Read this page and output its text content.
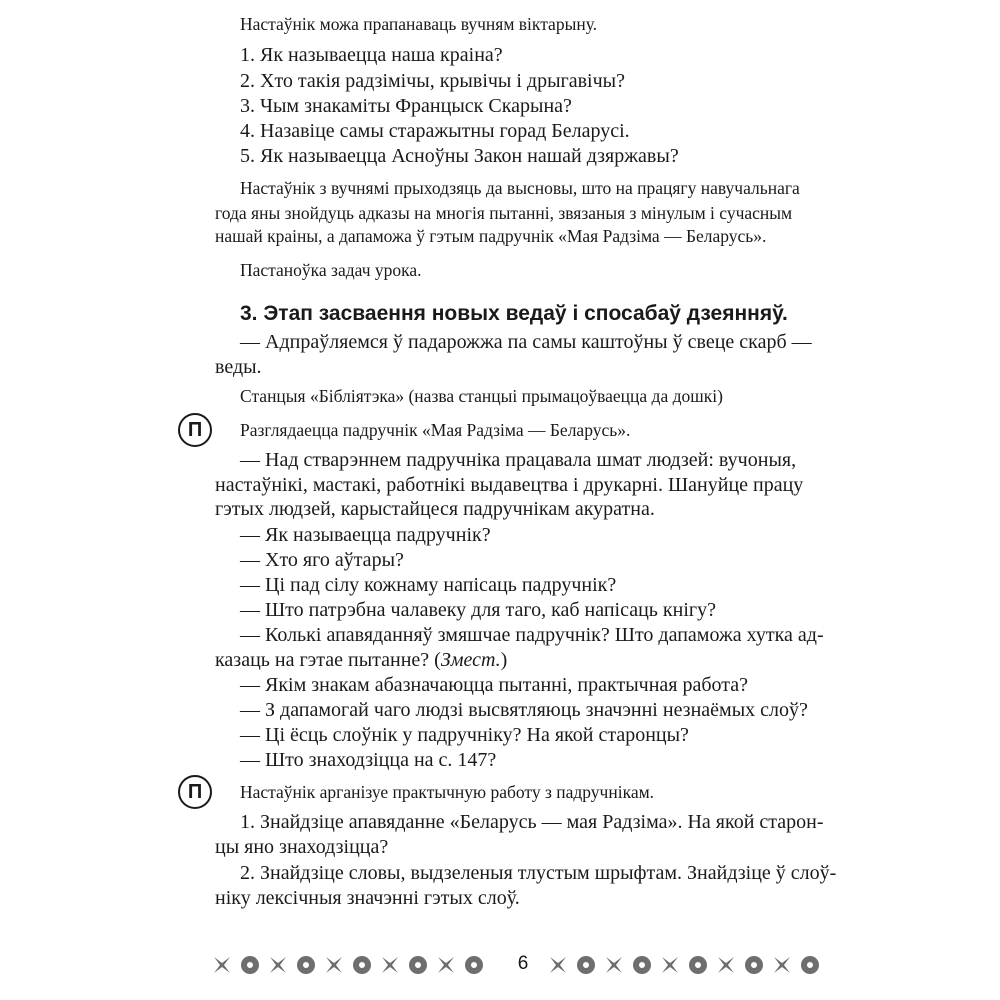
Настаўнік можа прапанаваць вучням віктарыну.
1. Як называецца наша краіна?
2. Хто такія радзімічы, крывічы і дрыгавічы?
3. Чым знакаміты Францыск Скарына?
4. Назавіце самы старажытны горад Беларусі.
5. Як называецца Асноўны Закон нашай дзяржавы?
Настаўнік з вучнямі прыходзяць да высновы, што на працягу навучальнага
года яны знойдуць адказы на многія пытанні, звязаныя з мінулым і сучасным
нашай краіны, а дапаможа ў гэтым падручнік «Мая Радзіма — Беларусь».
Пастаноўка задач урока.
3. Этап засваення новых ведаў і спосабаў дзеянняў.
— Адпраўляемся ў падарожжа па самы каштоўны ў свеце скарб —
веды.
Станцыя «Бібліятэка» (назва станцыі прымацоўваецца да дошкі)
П	Разглядаецца падручнік «Мая Радзіма — Беларусь».
— Над стварэннем падручніка працавала шмат людзей: вучоныя,
настаўнікі, мастакі, работнікі выдавецтва і друкарні. Шануйце працу
гэтых людзей, карыстайцеся падручнікам акуратна.
— Як называецца падручнік?
— Хто яго аўтары?
— Ці пад сілу кожнаму напісаць падручнік?
— Што патрэбна чалавеку для таго, каб напісаць кнігу?
— Колькі апавяданняў змяшчае падручнік? Што дапаможа хутка ад-
казаць на гэтае пытанне? (Змест.)
— Якім знакам абазначаюцца пытанні, практычная работа?
— З дапамогай чаго людзі высвятляюць значэнні незнаёмых слоў?
— Ці ёсць слоўнік у падручніку? На якой старонцы?
— Што знаходзіцца на с. 147?
П	Настаўнік арганізуе практычную работу з падручнікам.
1. Знайдзіце апавяданне «Беларусь — мая Радзіма». На якой старон-
цы яно знаходзіцца?
2. Знайдзіце словы, выдзеленыя тлустым шрыфтам. Знайдзіце ў слоў-
ніку лексічныя значэнні гэтых слоў.
6
